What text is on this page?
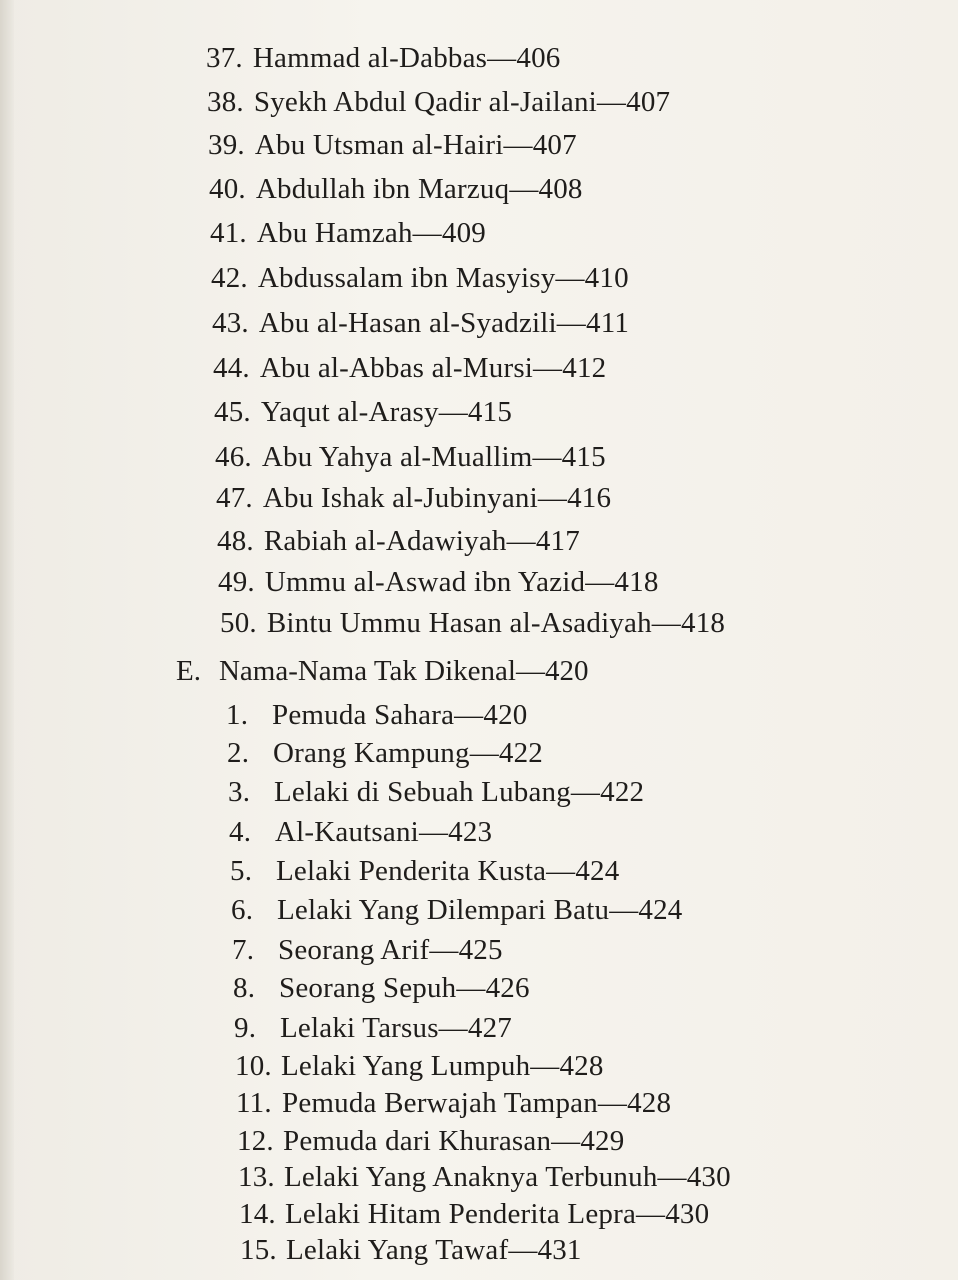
37. Hammad al-Dabbas—406
38. Syekh Abdul Qadir al-Jailani—407
39. Abu Utsman al-Hairi—407
40. Abdullah ibn Marzuq—408
41. Abu Hamzah—409
42. Abdussalam ibn Masyisy—410
43. Abu al-Hasan al-Syadzili—411
44. Abu al-Abbas al-Mursi—412
45. Yaqut al-Arasy—415
46. Abu Yahya al-Muallim—415
47. Abu Ishak al-Jubinyani—416
48. Rabiah al-Adawiyah—417
49. Ummu al-Aswad ibn Yazid—418
50. Bintu Ummu Hasan al-Asadiyah—418
E. Nama-Nama Tak Dikenal—420
1. Pemuda Sahara—420
2. Orang Kampung—422
3. Lelaki di Sebuah Lubang—422
4. Al-Kautsani—423
5. Lelaki Penderita Kusta—424
6. Lelaki Yang Dilempari Batu—424
7. Seorang Arif—425
8. Seorang Sepuh—426
9. Lelaki Tarsus—427
10. Lelaki Yang Lumpuh—428
11. Pemuda Berwajah Tampan—428
12. Pemuda dari Khurasan—429
13. Lelaki Yang Anaknya Terbunuh—430
14. Lelaki Hitam Penderita Lepra—430
15. Lelaki Yang Tawaf—431
